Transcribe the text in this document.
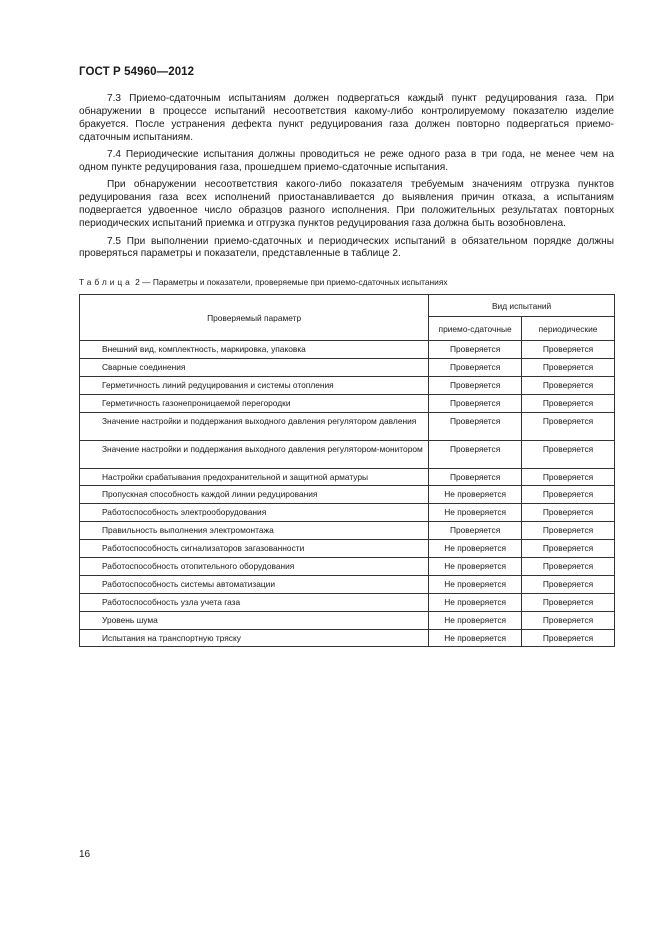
ГОСТ Р 54960—2012

7.3 Приемо-сдаточным испытаниям должен подвергаться каждый пункт редуцирования газа. При обнаружении в процессе испытаний несоответствия какому-либо контролируемому показателю изделие бракуется. После устранения дефекта пункт редуцирования газа должен повторно подвергаться приемо-сдаточным испытаниям.

7.4 Периодические испытания должны проводиться не реже одного раза в три года, не менее чем на одном пункте редуцирования газа, прошедшем приемо-сдаточные испытания.

При обнаружении несоответствия какого-либо показателя требуемым значениям отгрузка пунктов редуцирования газа всех исполнений приостанавливается до выявления причин отказа, а испытаниям подвергается удвоенное число образцов разного исполнения. При положительных результатах повторных периодических испытаний приемка и отгрузка пунктов редуцирования газа должна быть возобновлена.

7.5 При выполнении приемо-сдаточных и периодических испытаний в обязательном порядке должны проверяться параметры и показатели, представленные в таблице 2.

Таблица 2 — Параметры и показатели, проверяемые при приемо-сдаточных испытаниях
Проверяемый параметр	Вид испытаний	
	приемо-сдаточные	периодические
Внешний вид, комплектность, маркировка, упаковка	Проверяется	Проверяется
Сварные соединения	Проверяется	Проверяется
Герметичность линий редуцирования и системы отопления	Проверяется	Проверяется
Герметичность газонепроницаемой перегородки	Проверяется	Проверяется
Значение настройки и поддержания выходного давления регулятором давления	Проверяется	Проверяется
Значение настройки и поддержания выходного давления регулятором-монитором	Проверяется	Проверяется
Настройки срабатывания предохранительной и защитной арматуры	Проверяется	Проверяется
Пропускная способность каждой линии редуцирования	Не проверяется	Проверяется
Работоспособность электрооборудования	Не проверяется	Проверяется
Правильность выполнения электромонтажа	Проверяется	Проверяется
Работоспособность сигнализаторов загазованности	Не проверяется	Проверяется
Работоспособность отопительного оборудования	Не проверяется	Проверяется
Работоспособность системы автоматизации	Не проверяется	Проверяется
Работоспособность узла учета газа	Не проверяется	Проверяется
Уровень шума	Не проверяется	Проверяется
Испытания на транспортную тряску	Не проверяется	Проверяется
16
